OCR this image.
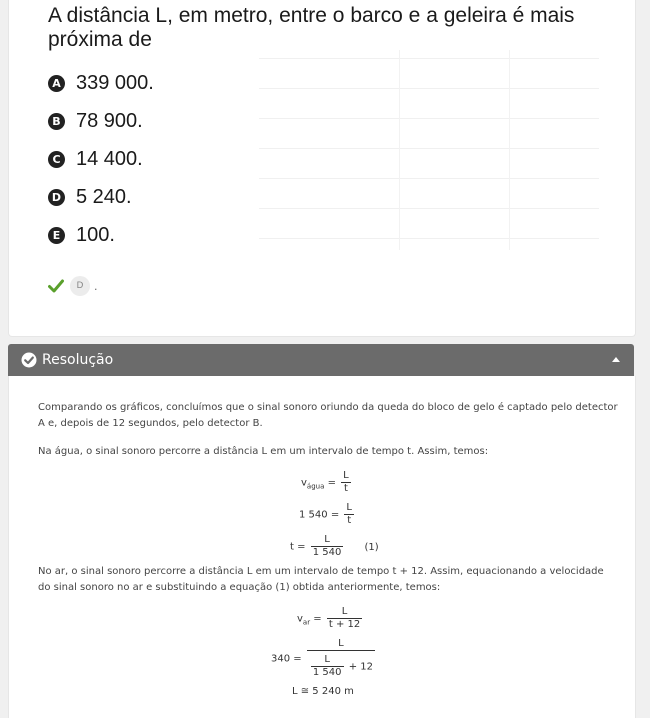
A distância L, em metro, entre o barco e a geleira é mais próxima de
A 339 000.
B 78 900.
C 14 400.
D 5 240.
E 100.
D .
Resolução

Comparando os gráficos, concluímos que o sinal sonoro oriundo da queda do bloco de gelo é captado pelo detector A e, depois de 12 segundos, pelo detector B.

Na água, o sinal sonoro percorre a distância L em um intervalo de tempo t. Assim, temos:

$v_{água} = \frac{L}{t}$
1 $540 = \frac{L}{t}$
$t = \frac{L}{1 540} (1)$

No ar, o sinal sonoro percorre a distância L em um intervalo de tempo t + 12. Assim, equacionando a velocidade do sinal sonoro no ar e substituindo a equação (1) obtida anteriormente, temos:

$v_{ar} = \frac{L}{t + 12}$
$340 = \frac{L}{\frac{L}{1 540} + 12}$
L ≅ 5 240 m
